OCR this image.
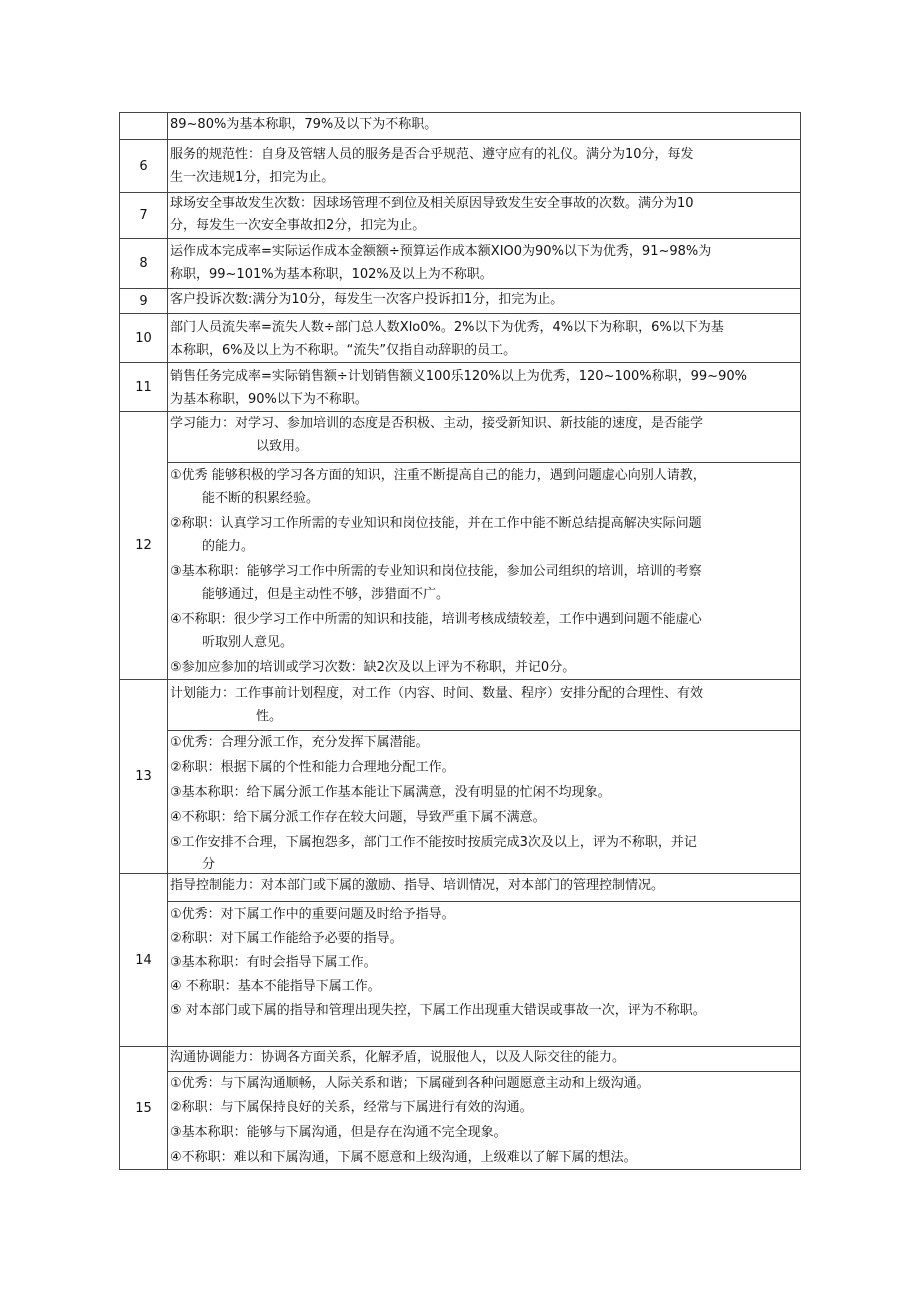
89~80%为基本称职，79%及以下为不称职。
6
服务的规范性：自身及管辖人员的服务是否合乎规范、遵守应有的礼仪。满分为10分，每发
生一次违规1分，扣完为止。
7
球场安全事故发生次数：因球场管理不到位及相关原因导致发生安全事故的次数。满分为10
分，每发生一次安全事故扣2分，扣完为止。
8
运作成本完成率=实际运作成本金额额÷预算运作成本额XIO0为90%以下为优秀，91~98%为
称职，99~101%为基本称职，102%及以上为不称职。
9	客户投诉次数:满分为10分，每发生一次客户投诉扣1分，扣完为止。
10
部门人员流失率=流失人数÷部门总人数Xlo0%。2%以下为优秀，4%以下为称职，6%以下为基
本称职，6%及以上为不称职。“流失”仅指自动辞职的员工。
11
销售任务完成率=实际销售额÷计划销售额义100乐120%以上为优秀，120~100%称职，99~90%
为基本称职，90%以下为不称职。
12
学习能力：对学习、参加培训的态度是否积极、主动，接受新知识、新技能的速度，是否能学
以致用。
①优秀 能够积极的学习各方面的知识，注重不断提高自己的能力，遇到问题虚心向别人请教，
能不断的积累经验。
②称职：认真学习工作所需的专业知识和岗位技能，并在工作中能不断总结提高解决实际问题
的能力。
③基本称职：能够学习工作中所需的专业知识和岗位技能，参加公司组织的培训，培训的考察
能够通过，但是主动性不够，涉猎面不广。
④不称职：很少学习工作中所需的知识和技能，培训考核成绩较差，工作中遇到问题不能虚心
听取别人意见。
⑤参加应参加的培训或学习次数：缺2次及以上评为不称职，并记0分。
13
计划能力：工作事前计划程度，对工作（内容、时间、数量、程序）安排分配的合理性、有效
性。
①优秀：合理分派工作，充分发挥下属潜能。
②称职：根据下属的个性和能力合理地分配工作。
③基本称职：给下属分派工作基本能让下属满意，没有明显的忙闲不均现象。
④不称职：给下属分派工作存在较大问题，导致严重下属不满意。
⑤工作安排不合理，下属抱怨多，部门工作不能按时按质完成3次及以上，评为不称职，并记
分
14
指导控制能力：对本部门或下属的激励、指导、培训情况，对本部门的管理控制情况。
①优秀：对下属工作中的重要问题及时给予指导。
②称职：对下属工作能给予必要的指导。
③基本称职：有时会指导下属工作。
④ 不称职：基本不能指导下属工作。
⑤ 对本部门或下属的指导和管理出现失控，下属工作出现重大错误或事故一次，评为不称职。
15
沟通协调能力：协调各方面关系，化解矛盾，说服他人，以及人际交往的能力。
①优秀：与下属沟通顺畅，人际关系和谐；下属碰到各种问题愿意主动和上级沟通。
②称职：与下属保持良好的关系，经常与下属进行有效的沟通。
③基本称职：能够与下属沟通，但是存在沟通不完全现象。
④不称职：难以和下属沟通，下属不愿意和上级沟通，上级难以了解下属的想法。
